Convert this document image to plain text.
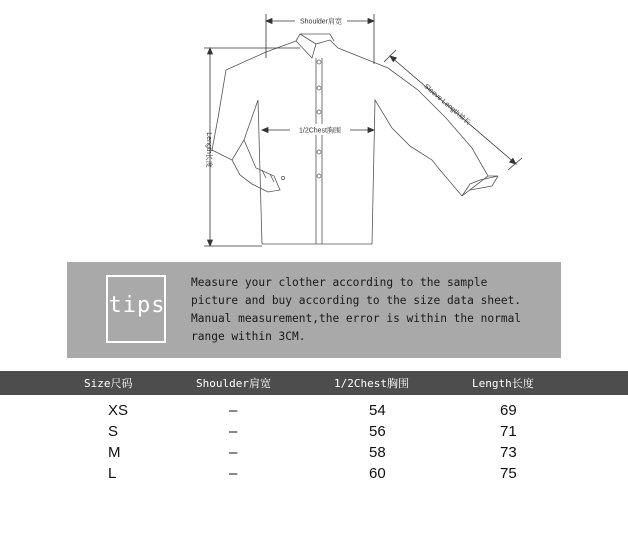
Shoulder肩宽
1/2Chest胸围
Length长度
Sleeve Length袖长
tips
Measure your clother according to the sample
picture and buy according to the size data sheet.
Manual measurement,the error is within the normal
range within 3CM.
Size尺码	Shoulder肩宽	1/2Chest胸围	Length长度
XS	–	54	69
S	–	56	71
M	–	58	73
L	–	60	75
